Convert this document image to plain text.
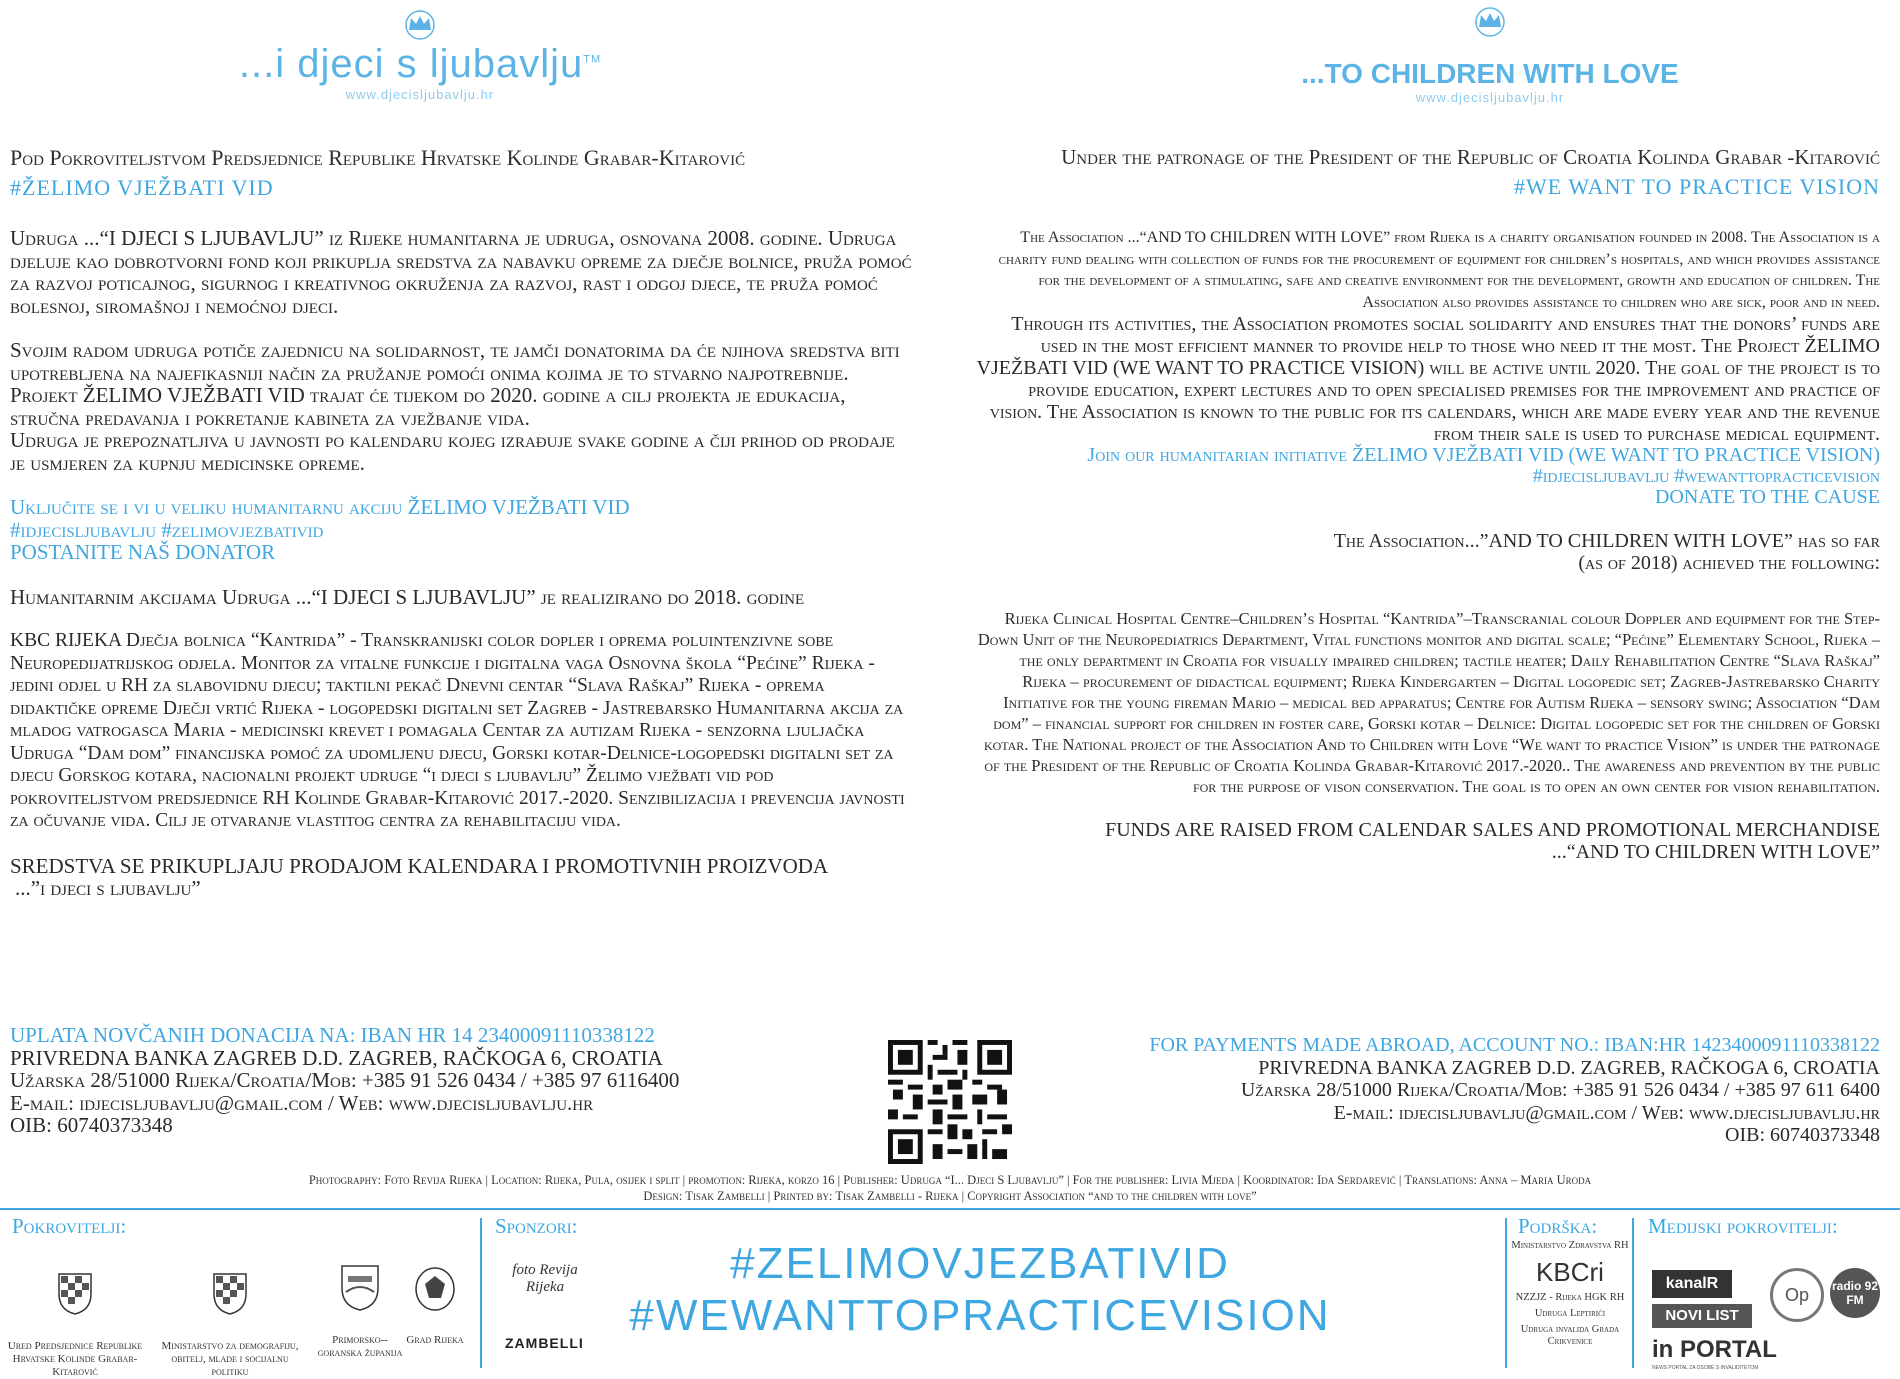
...i djeci s ljubavlju™
www.djecisljubavlju.hr
...TO CHILDREN WITH LOVE
www.djecisljubavlju.hr

Pod Pokroviteljstvom Predsjednice Republike Hrvatske Kolinde Grabar-Kitarović

#ŽELIMO VJEŽBATI VID

Udruga ...“I DJECI S LJUBAVLJU” iz Rijeke humanitarna je udruga, osnovana 2008. godine. Udruga djeluje kao dobrotvorni fond koji prikuplja sredstva za nabavku opreme za dječje bolnice, pruža pomoć za razvoj poticajnog, sigurnog i kreativnog okruženja za razvoj, rast i odgoj djece, te pruža pomoć bolesnoj, siromašnoj i nemoćnoj djeci.

Svojim radom udruga potiče zajednicu na solidarnost, te jamči donatorima da će njihova sredstva biti upotrebljena na najefikasniji način za pružanje pomoći onima kojima je to stvarno najpotrebnije.

Projekt ŽELIMO VJEŽBATI VID trajat će tijekom do 2020. godine a cilj projekta je edukacija, stručna predavanja i pokretanje kabineta za vježbanje vida.

Udruga je prepoznatljiva u javnosti po kalendaru kojeg izrađuje svake godine a čiji prihod od prodaje je usmjeren za kupnju medicinske opreme.

Uključite se i vi u veliku humanitarnu akciju ŽELIMO VJEŽBATI VID

#idjecisljubavlju #zelimovjezbativid

POSTANITE NAŠ DONATOR

Humanitarnim akcijama Udruga ...“I DJECI S LJUBAVLJU” je realizirano do 2018. godine

KBC RIJEKA Dječja bolnica “Kantrida” - Transkranijski color dopler i oprema poluintenzivne sobe Neuropedijatrijskog odjela. Monitor za vitalne funkcije i digitalna vaga Osnovna škola “Pećine” Rijeka - jedini odjel u RH za slabovidnu djecu; taktilni pekač Dnevni centar “Slava Raškaj” Rijeka - oprema didaktičke opreme Dječji vrtić Rijeka - logopedski digitalni set Zagreb - Jastrebarsko Humanitarna akcija za mladog vatrogasca Maria - medicinski krevet i pomagala Centar za autizam Rijeka - senzorna ljuljačka Udruga “Dam dom” financijska pomoć za udomljenu djecu, Gorski kotar-Delnice-logopedski digitalni set za djecu Gorskog kotara, nacionalni projekt udruge “i djeci s ljubavlju” Želimo vježbati vid pod pokroviteljstvom predsjednice RH Kolinde Grabar-Kitarović 2017.-2020. Senzibilizacija i prevencija javnosti za očuvanje vida. Cilj je otvaranje vlastitog centra za rehabilitaciju vida.

SREDSTVA SE PRIKUPLJAJU PRODAJOM KALENDARA I PROMOTIVNIH PROIZVODA

...”i djeci s ljubavlju”

UPLATA NOVČANIH DONACIJA NA: IBAN HR 14 23400091110338122

PRIVREDNA BANKA ZAGREB D.D. ZAGREB, RAČKOGA 6, CROATIA

Užarska 28/51000 Rijeka/Croatia/Mob: +385 91 526 0434 / +385 97 6116400

E-mail: idjecisljubavlju@gmail.com / Web: www.djecisljubavlju.hr

OIB: 60740373348

Under the patronage of the President of the Republic of Croatia Kolinda Grabar -Kitarović

#WE WANT TO PRACTICE VISION

The Association ...“AND TO CHILDREN WITH LOVE” from Rijeka is a charity organisation founded in 2008. The Association is a charity fund dealing with collection of funds for the procurement of equipment for children’s hospitals, and which provides assistance for the development of a stimulating, safe and creative environment for the development, growth and education of children. The Association also provides assistance to children who are sick, poor and in need.

Through its activities, the Association promotes social solidarity and ensures that the donors’ funds are used in the most efficient manner to provide help to those who need it the most. The Project ŽELIMO VJEŽBATI VID (WE WANT TO PRACTICE VISION) will be active until 2020. The goal of the project is to provide education, expert lectures and to open specialised premises for the improvement and practice of vision. The Association is known to the public for its calendars, which are made every year and the revenue from their sale is used to purchase medical equipment.

Join our humanitarian initiative ŽELIMO VJEŽBATI VID (WE WANT TO PRACTICE VISION)

#idjecisljubavlju #wewanttopracticevision

DONATE TO THE CAUSE

The Association...”AND TO CHILDREN WITH LOVE” has so far (as of 2018) achieved the following:

Rijeka Clinical Hospital Centre–Children’s Hospital “Kantrida”–Transcranial colour Doppler and equipment for the Step-Down Unit of the Neuropediatrics Department, Vital functions monitor and digital scale; “Pećine” Elementary School, Rijeka – the only department in Croatia for visually impaired children; tactile heater; Daily Rehabilitation Centre “Slava Raškaj” Rijeka – procurement of didactical equipment; Rijeka Kindergarten – Digital logopedic set; Zagreb-Jastrebarsko Charity Initiative for the young fireman Mario – medical bed apparatus; Centre for Autism Rijeka – sensory swing; Association “Dam dom” – financial support for children in foster care, Gorski kotar – Delnice: Digital logopedic set for the children of Gorski kotar. The National project of the Association And to Children with Love “We want to practice Vision” is under the patronage of the President of the Republic of Croatia Kolinda Grabar-Kitarović 2017.-2020.. The awareness and prevention by the public for the purpose of vison conservation. The goal is to open an own center for vision rehabilitation.

FUNDS ARE RAISED FROM CALENDAR SALES AND PROMOTIONAL MERCHANDISE

...“AND TO CHILDREN WITH LOVE”

FOR PAYMENTS MADE ABROAD, ACCOUNT NO.: IBAN:HR 1423400091110338122

PRIVREDNA BANKA ZAGREB D.D. ZAGREB, RAČKOGA 6, CROATIA

Užarska 28/51000 Rijeka/Croatia/Mob: +385 91 526 0434 / +385 97 611 6400

E-mail: idjecisljubavlju@gmail.com / Web: www.djecisljubavlju.hr

OIB: 60740373348

Photography: Foto Revija Rijeka | Location: Rijeka, Pula, osijek i split | promotion: Rijeka, korzo 16 | Publisher: Udruga “I... Djeci S Ljubavlju” | For the publisher: Livia Mjeda | Koordinator: Ida Serdarević | Translations: Anna – Maria Uroda
Design: Tisak Zambelli | Printed by: Tisak Zambelli - Rijeka | Copyright Association “and to the children with love”
Pokrovitelji:	Sponzori:	Podrška: Medijski pokrovitelji:
#ZELIMOVJEZBATIVID
#WEWANTTOPRACTICEVISION
Ured Predsjednice Republike Hrvatske Kolinde Grabar-Kitarović
Ministarstvo za demografiju, obitelj, mlade i socijalnu politiku
Primorsko--goranska županija
Grad Rijeka
foto Revija Rijeka
ZAMBELLI
Ministarstvo Zdravstva RH
KBCri
NZZJZ - Rijeka HGK RH
Udruga Leptirići
Udruga invalida Grada Crikvenice
kanalR
NOVI LIST
Op	radio 92 FM
in PORTAL
NEWS PORTAL ZA OSOBE S INVALIDITETOM
